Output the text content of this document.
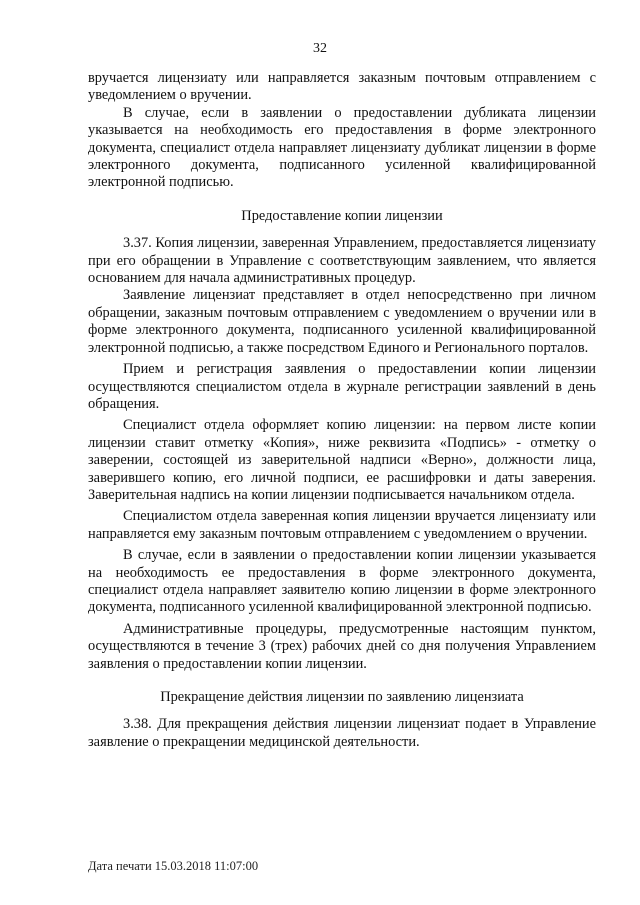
32

вручается лицензиату или направляется заказным почтовым отправлением с уведомлением о вручении.

В случае, если в заявлении о предоставлении дубликата лицензии указывается на необходимость его предоставления в форме электронного документа, специалист отдела направляет лицензиату дубликат лицензии в форме электронного документа, подписанного усиленной квалифицированной электронной подписью.

Предоставление копии лицензии

3.37. Копия лицензии, заверенная Управлением, предоставляется лицензиату при его обращении в Управление с соответствующим заявлением, что является основанием для начала административных процедур.

Заявление лицензиат представляет в отдел непосредственно при личном обращении, заказным почтовым отправлением с уведомлением о вручении или в форме электронного документа, подписанного усиленной квалифицированной электронной подписью, а также посредством Единого и Регионального порталов.

Прием и регистрация заявления о предоставлении копии лицензии осуществляются специалистом отдела в журнале регистрации заявлений в день обращения.

Специалист отдела оформляет копию лицензии: на первом листе копии лицензии ставит отметку «Копия», ниже реквизита «Подпись» - отметку о заверении, состоящей из заверительной надписи «Верно», должности лица, заверившего копию, его личной подписи, ее расшифровки и даты заверения. Заверительная надпись на копии лицензии подписывается начальником отдела.

Специалистом отдела заверенная копия лицензии вручается лицензиату или направляется ему заказным почтовым отправлением с уведомлением о вручении.

В случае, если в заявлении о предоставлении копии лицензии указывается на необходимость ее предоставления в форме электронного документа, специалист отдела направляет заявителю копию лицензии в форме электронного документа, подписанного усиленной квалифицированной электронной подписью.

Административные процедуры, предусмотренные настоящим пунктом, осуществляются в течение 3 (трех) рабочих дней со дня получения Управлением заявления о предоставлении копии лицензии.

Прекращение действия лицензии по заявлению лицензиата

3.38. Для прекращения действия лицензии лицензиат подает в Управление заявление о прекращении медицинской деятельности.

Дата печати 15.03.2018 11:07:00
